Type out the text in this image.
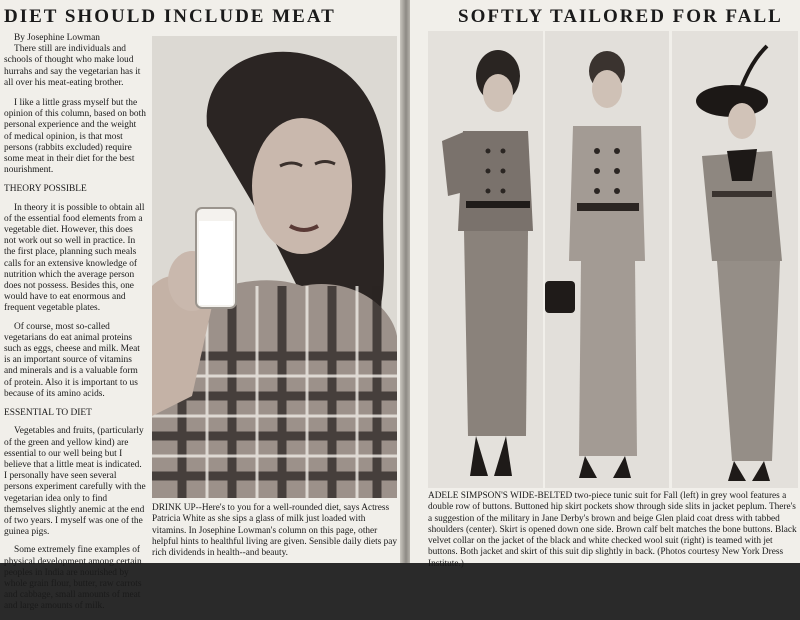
DIET SHOULD INCLUDE MEAT

By Josephine Lowman

There still are individuals and schools of thought who make loud hurrahs and say the vegetarian has it all over his meat-eating brother.

I like a little grass myself but the opinion of this column, based on both personal experience and the weight of medical opinion, is that most persons (rabbits excluded) require some meat in their diet for the best nourishment.

THEORY POSSIBLE

In theory it is possible to obtain all of the essential food elements from a vegetable diet. However, this does not work out so well in practice. In the first place, planning such meals calls for an extensive knowledge of nutrition which the average person does not possess. Besides this, one would have to eat enormous and frequent vegetable plates.

Of course, most so-called vegetarians do eat animal proteins such as eggs, cheese and milk. Meat is an important source of vitamins and minerals and is a valuable form of protein. Also it is important to us because of its amino acids.

ESSENTIAL TO DIET

Vegetables and fruits, (particularly of the green and yellow kind) are essential to our well being but I believe that a little meat is indicated. I personally have seen several persons experiment carefully with the vegetarian idea only to find themselves slightly anemic at the end of two years. I myself was one of the guinea pigs.

Some extremely fine examples of physical development among certain peoples in India are nourished by whole grain flour, butter, raw carrots and cabbage, small amounts of meat and large amounts of milk.

DRINK UP--Here's to you for a well-rounded diet, says Actress Patricia White as she sips a glass of milk just loaded with vitamins. In Josephine Lowman's column on this page, other helpful hints to healthful living are given. Sensible daily diets pay rich dividends in health--and beauty.
SOFTLY TAILORED FOR FALL
ADELE SIMPSON'S WIDE-BELTED two-piece tunic suit for Fall (left) in grey wool features a double row of buttons. Buttoned hip skirt pockets show through side slits in jacket peplum. There's a suggestion of the military in Jane Derby's brown and beige Glen plaid coat dress with tabbed shoulders (center). Skirt is opened down one side. Brown calf belt matches the bone buttons. Black velvet collar on the jacket of the black and white checked wool suit (right) is teamed with jet buttons. Both jacket and skirt of this suit dip slightly in back. (Photos courtesy New York Dress Institute.)
